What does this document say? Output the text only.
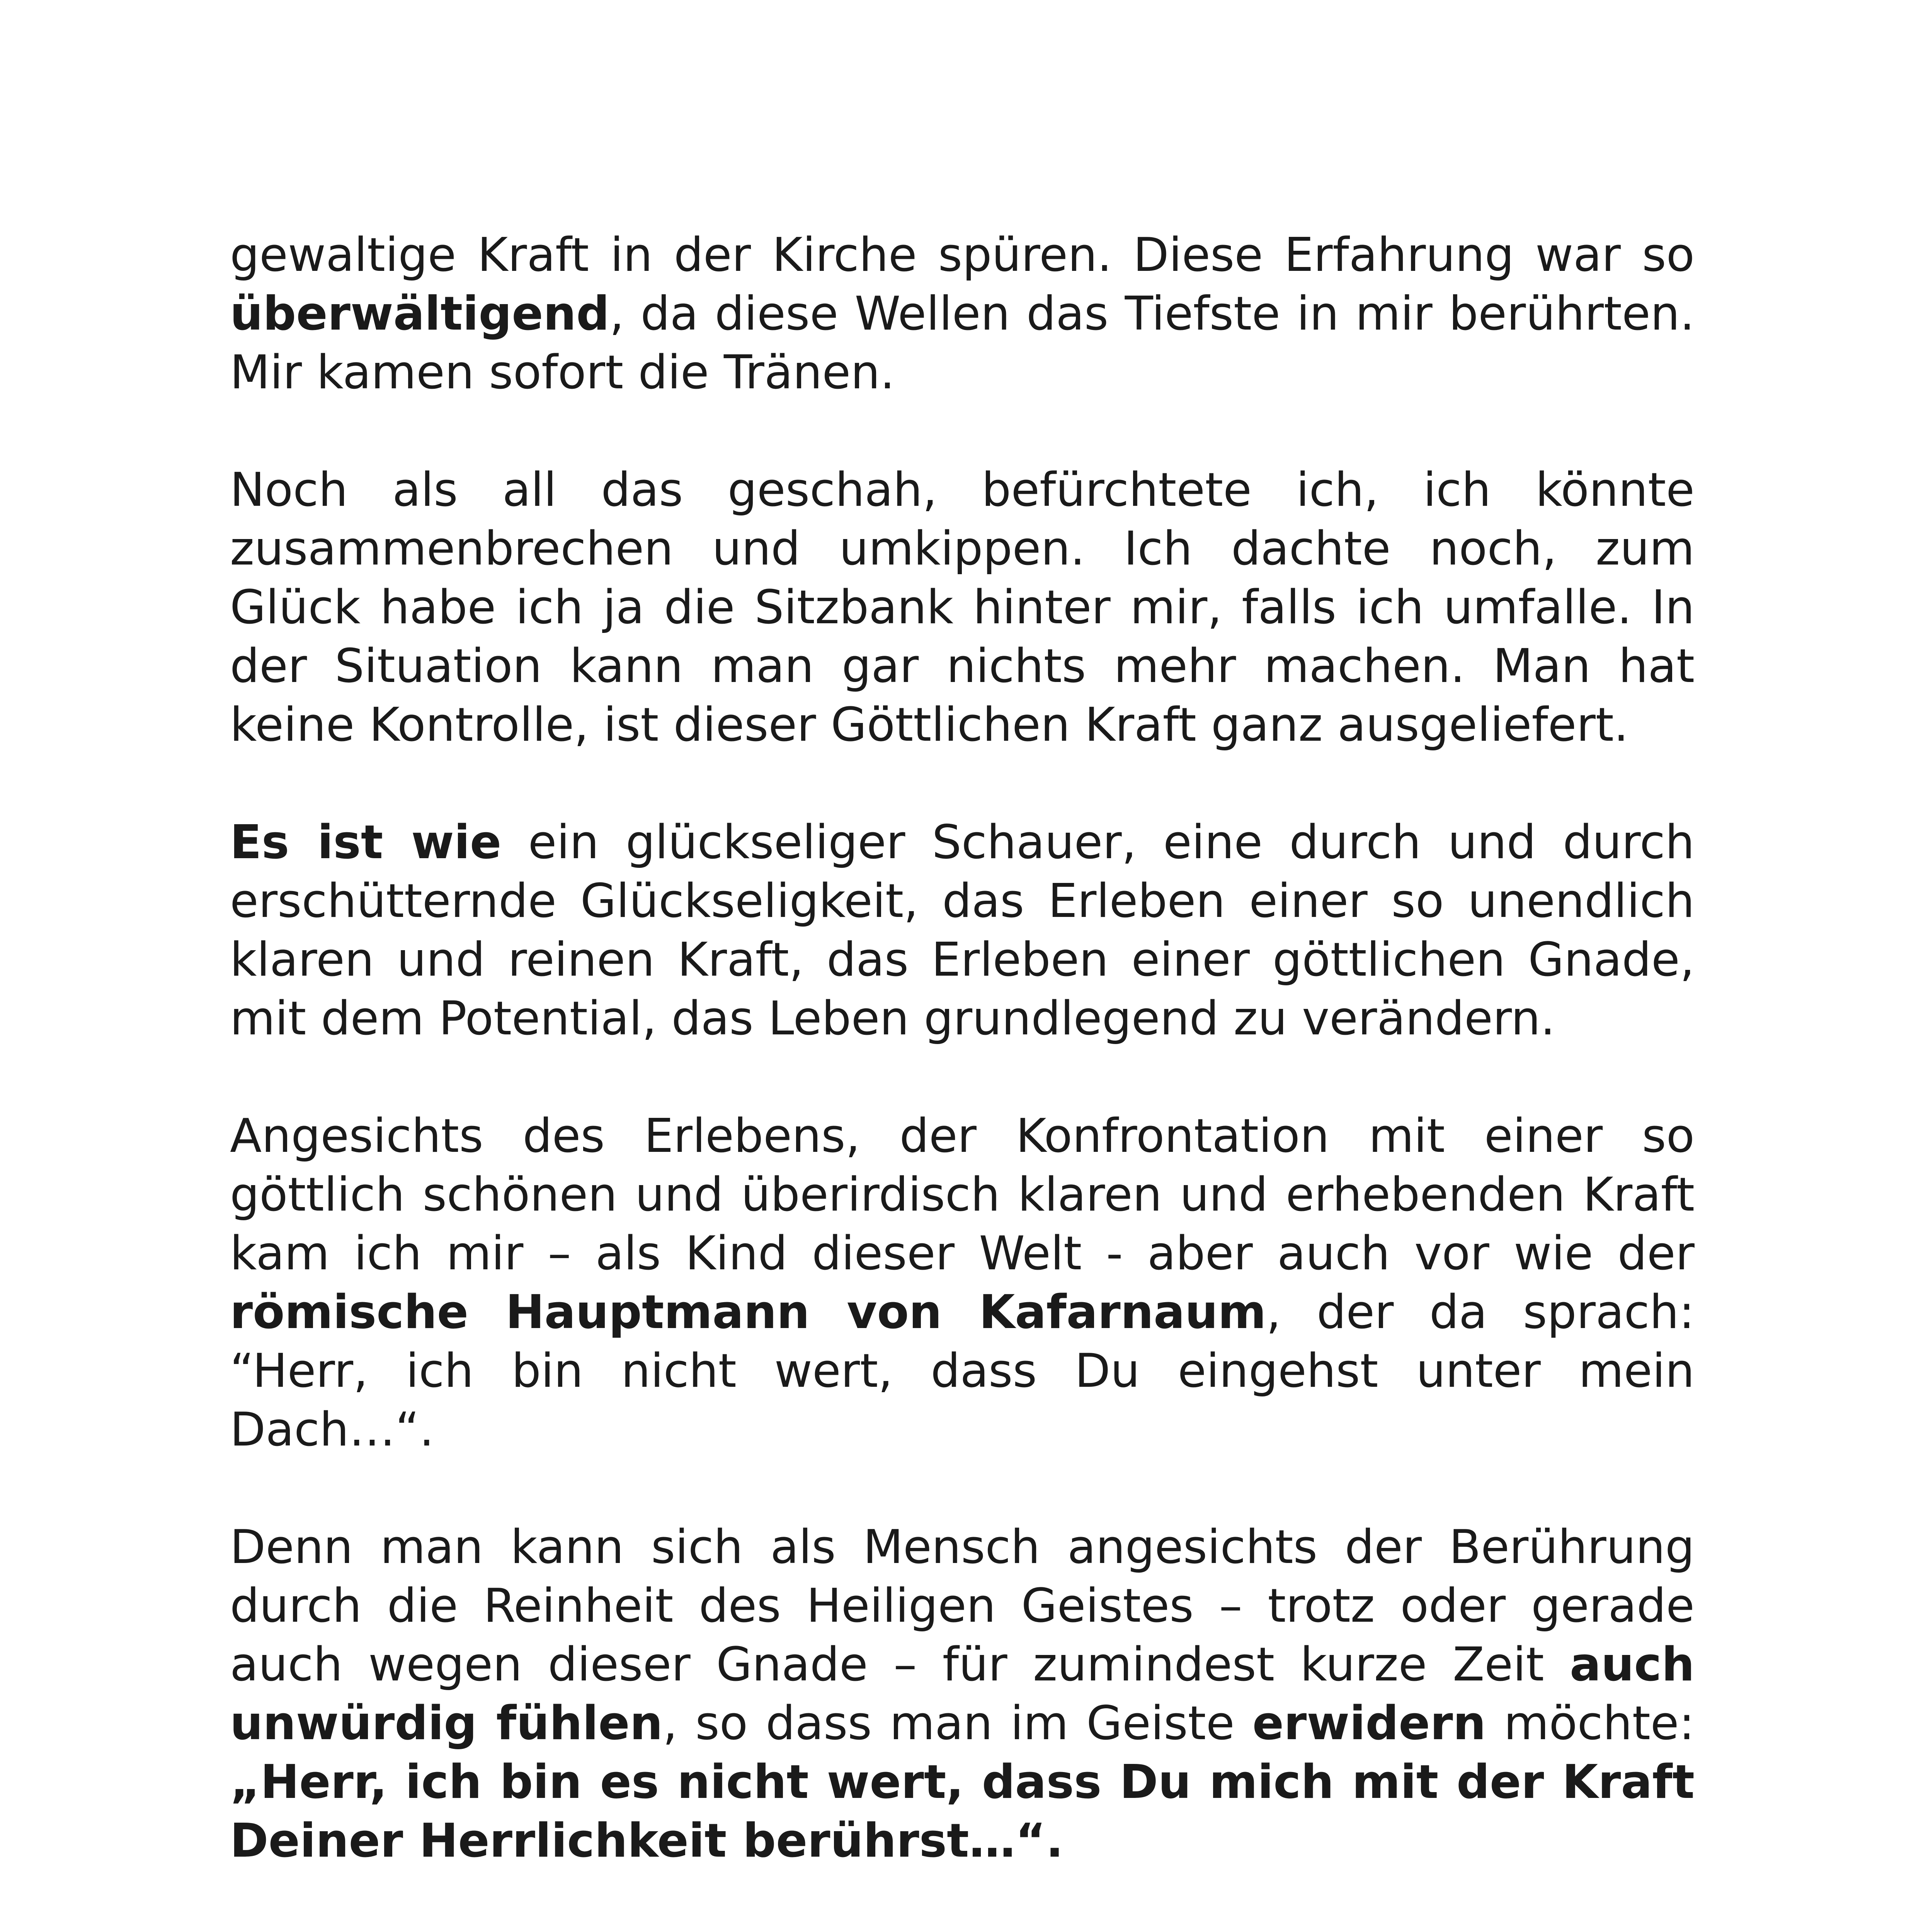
gewaltige Kraft in der Kirche spüren. Diese Erfahrung war so überwältigend, da diese Wellen das Tiefste in mir berührten. Mir kamen sofort die Tränen.

Noch als all das geschah, befürchtete ich, ich könnte zusammenbrechen und umkippen. Ich dachte noch, zum Glück habe ich ja die Sitzbank hinter mir, falls ich umfalle. In der Situation kann man gar nichts mehr machen. Man hat keine Kontrolle, ist dieser Göttlichen Kraft ganz ausgeliefert.

Es ist wie ein glückseliger Schauer, eine durch und durch erschütternde Glückseligkeit, das Erleben einer so unendlich klaren und reinen Kraft, das Erleben einer göttlichen Gnade, mit dem Potential, das Leben grundlegend zu verändern.

Angesichts des Erlebens, der Konfrontation mit einer so göttlich schönen und überirdisch klaren und erhebenden Kraft kam ich mir – als Kind dieser Welt - aber auch vor wie der römische Hauptmann von Kafarnaum, der da sprach: “Herr, ich bin nicht wert, dass Du eingehst unter mein Dach…“.

Denn man kann sich als Mensch angesichts der Berührung durch die Reinheit des Heiligen Geistes – trotz oder gerade auch wegen dieser Gnade – für zumindest kurze Zeit auch unwürdig fühlen, so dass man im Geiste erwidern möchte: „Herr, ich bin es nicht wert, dass Du mich mit der Kraft Deiner Herrlichkeit berührst…“.
